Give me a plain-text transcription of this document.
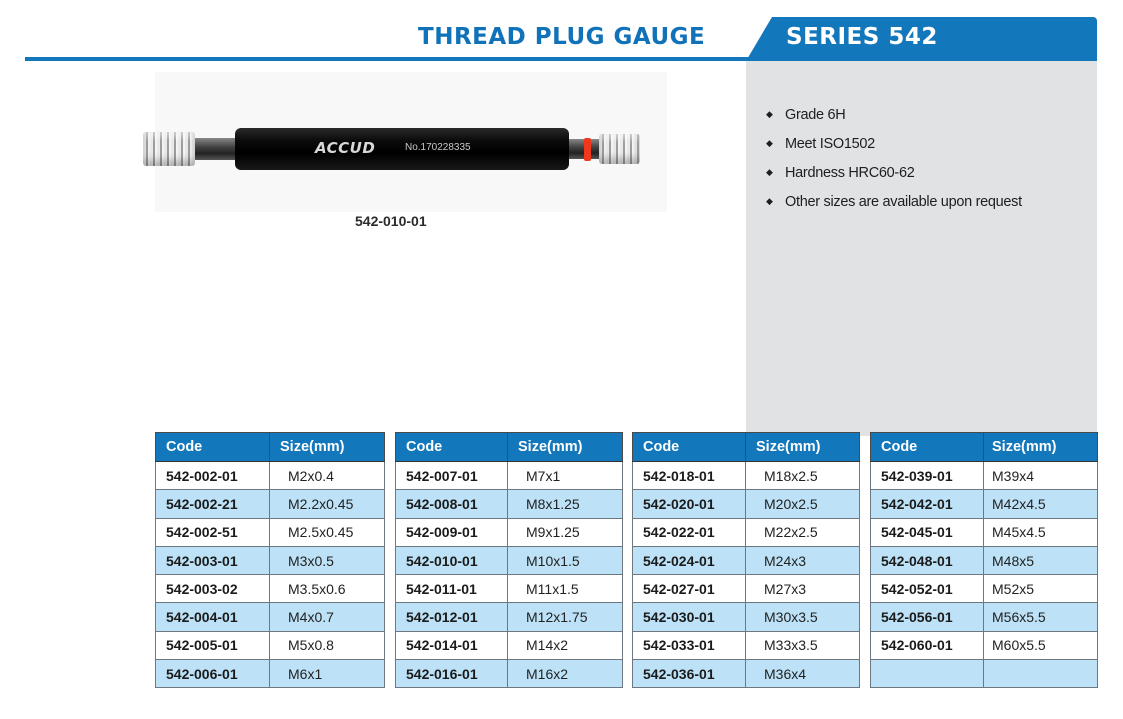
THREAD PLUG GAUGE	SERIES 542
◆ Grade 6H
◆ Meet ISO1502
◆ Hardness HRC60-62
◆ Other sizes are available upon request
ACCUD	No.170228335
542-010-01
Code	Size(mm)
542-002-01	M2x0.4
542-002-21	M2.2x0.45
542-002-51	M2.5x0.45
542-003-01	M3x0.5
542-003-02	M3.5x0.6
542-004-01	M4x0.7
542-005-01	M5x0.8
542-006-01	M6x1
Code	Size(mm)
542-007-01	M7x1
542-008-01	M8x1.25
542-009-01	M9x1.25
542-010-01	M10x1.5
542-011-01	M11x1.5
542-012-01	M12x1.75
542-014-01	M14x2
542-016-01	M16x2
Code	Size(mm)
542-018-01	M18x2.5
542-020-01	M20x2.5
542-022-01	M22x2.5
542-024-01	M24x3
542-027-01	M27x3
542-030-01	M30x3.5
542-033-01	M33x3.5
542-036-01	M36x4
Code	Size(mm)
542-039-01	M39x4
542-042-01	M42x4.5
542-045-01	M45x4.5
542-048-01	M48x5
542-052-01	M52x5
542-056-01	M56x5.5
542-060-01	M60x5.5
